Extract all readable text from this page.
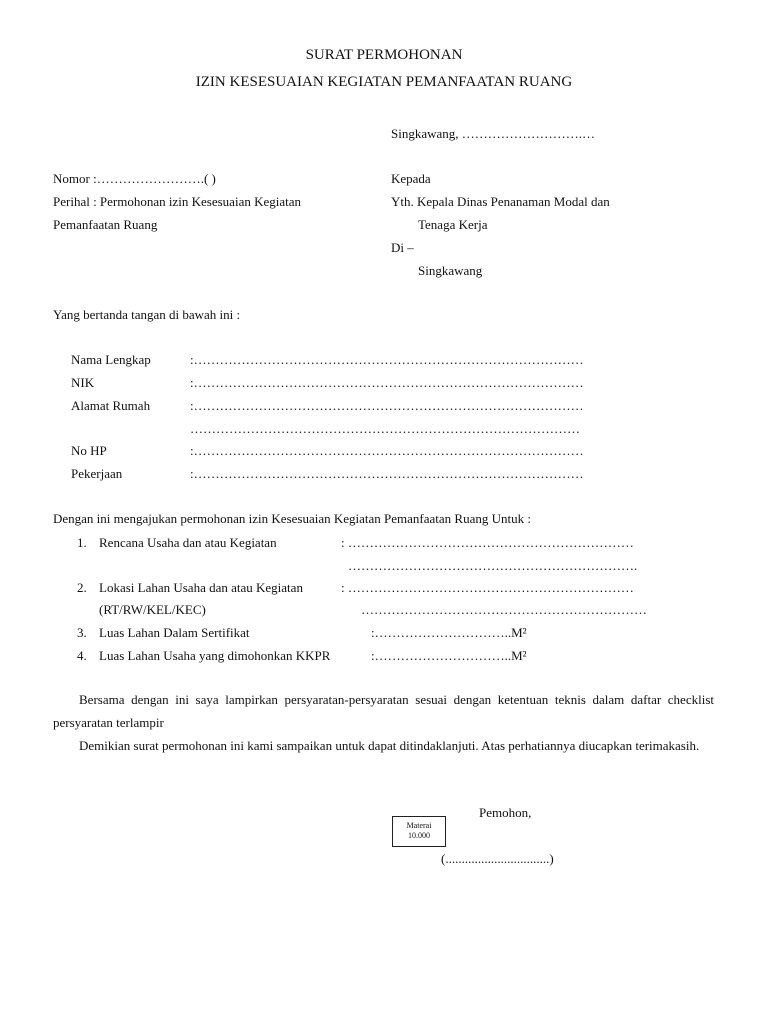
SURAT PERMOHONAN
IZIN KESESUAIAN KEGIATAN PEMANFAATAN RUANG
Singkawang, ……………………….…
Nomor :…………………….( )
Perihal : Permohonan izin Kesesuaian Kegiatan
Pemanfaatan Ruang
Kepada
Yth. Kepala Dinas Penanaman Modal dan
Tenaga Kerja
Di –
Singkawang
Yang bertanda tangan di bawah ini :
Nama Lengkap	:………………………………………………………………………………
NIK	:………………………………………………………………………………
Alamat Rumah	:………………………………………………………………………………
………………………………………………………………………………
No HP	:………………………………………………………………………………
Pekerjaan	:………………………………………………………………………………
Dengan ini mengajukan permohonan izin Kesesuaian Kegiatan Pemanfaatan Ruang Untuk :
1. Rencana Usaha dan atau Kegiatan	: …………………………………………………………
………………………………………………………….
2. Lokasi Lahan Usaha dan atau Kegiatan	: …………………………………………………………
(RT/RW/KEL/KEC)	…………………………………………………………
3. Luas Lahan Dalam Sertifikat	:…………………………..M²
4. Luas Lahan Usaha yang dimohonkan KKPR	:…………………………..M²
Bersama dengan ini saya lampirkan persyaratan-persyaratan sesuai dengan ketentuan teknis dalam daftar checklist persyaratan terlampir
Demikian surat permohonan ini kami sampaikan untuk dapat ditindaklanjuti. Atas perhatiannya diucapkan terimakasih.
Pemohon,
Materai
10.000
(................................)
